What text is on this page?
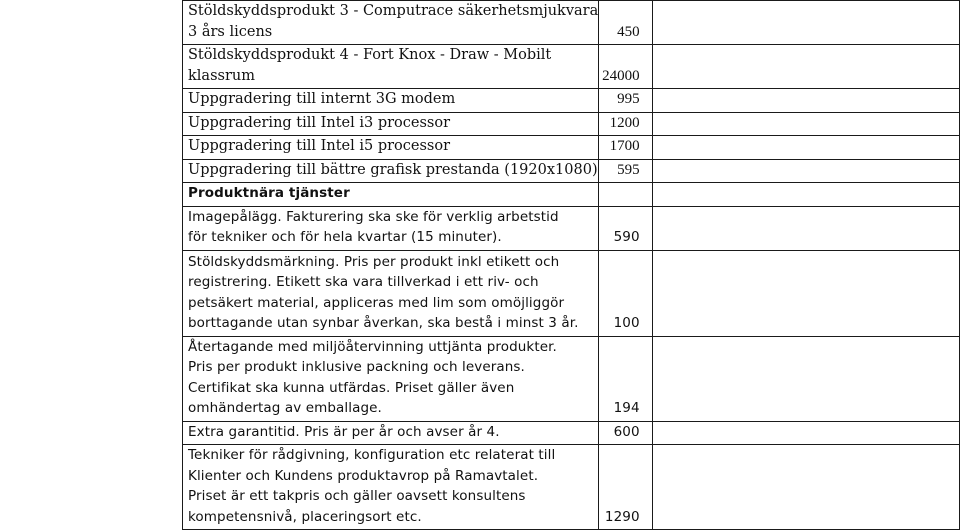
Stöldskyddsprodukt 3 - Computrace säkerhetsmjukvara
3 års licens	450	

Stöldskyddsprodukt 4 - Fort Knox - Draw - Mobilt
klassrum	24000	

Uppgradering till internt 3G modem	995	

Uppgradering till Intel i3 processor	1200	

Uppgradering till Intel i5 processor	1700	

Uppgradering till bättre grafisk prestanda (1920x1080)	595	

Produktnära tjänster		

Imagepålägg. Fakturering ska ske för verklig arbetstid
för tekniker och för hela kvartar (15 minuter).	590	

Stöldskyddsmärkning. Pris per produkt inkl etikett och
registrering. Etikett ska vara tillverkad i ett riv- och
petsäkert material, appliceras med lim som omöjliggör
borttagande utan synbar åverkan, ska bestå i minst 3 år.	100	

Återtagande med miljöåtervinning uttjänta produkter.
Pris per produkt inklusive packning och leverans.
Certifikat ska kunna utfärdas. Priset gäller även
omhändertag av emballage.	194	

Extra garantitid. Pris är per år och avser år 4.	600	

Tekniker för rådgivning, konfiguration etc relaterat till
Klienter och Kundens produktavrop på Ramavtalet.
Priset är ett takpris och gäller oavsett konsultens
kompetensnivå, placeringsort etc.	1290	
